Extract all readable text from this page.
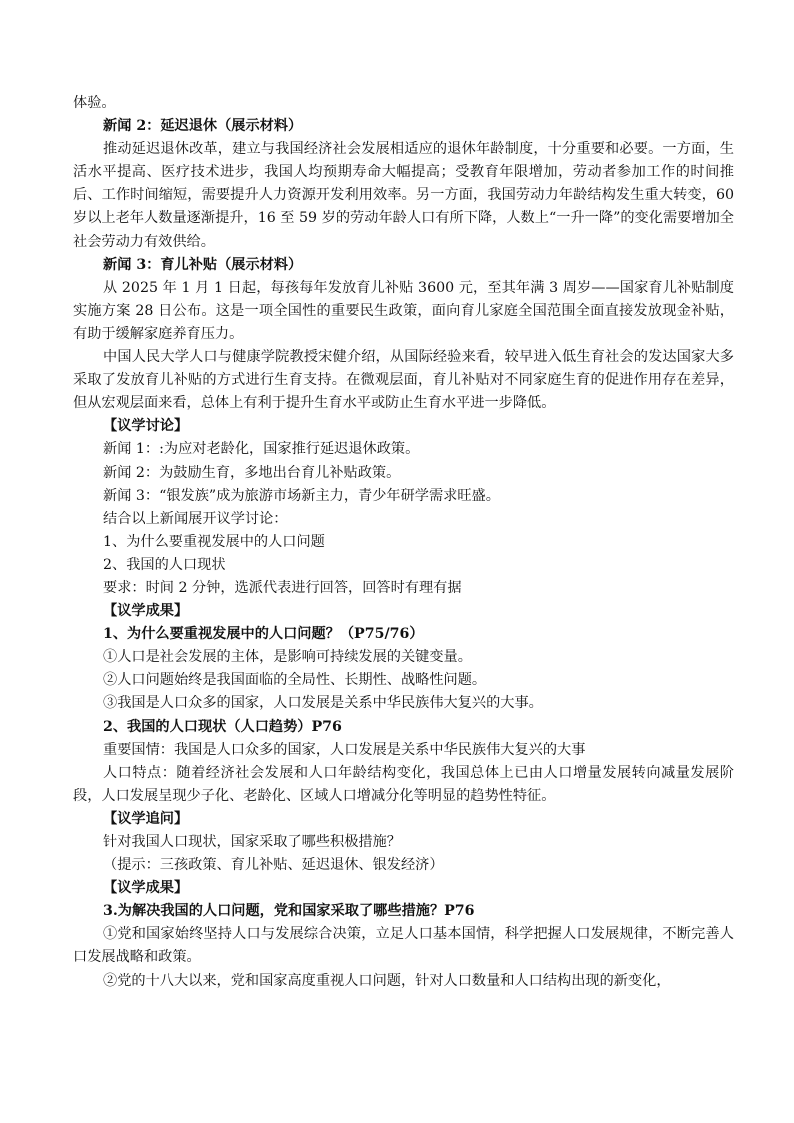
体验。

新闻 2：延迟退休（展示材料）

推动延迟退休改革，建立与我国经济社会发展相适应的退休年龄制度，十分重要和必要。一方面，生活水平提高、医疗技术进步，我国人均预期寿命大幅提高；受教育年限增加，劳动者参加工作的时间推后、工作时间缩短，需要提升人力资源开发利用效率。另一方面，我国劳动力年龄结构发生重大转变，60 岁以上老年人数量逐渐提升，16 至 59 岁的劳动年龄人口有所下降，人数上“一升一降”的变化需要增加全社会劳动力有效供给。

新闻 3：育儿补贴（展示材料）

从 2025 年 1 月 1 日起，每孩每年发放育儿补贴 3600 元，至其年满 3 周岁——国家育儿补贴制度实施方案 28 日公布。这是一项全国性的重要民生政策，面向育儿家庭全国范围全面直接发放现金补贴，有助于缓解家庭养育压力。

中国人民大学人口与健康学院教授宋健介绍，从国际经验来看，较早进入低生育社会的发达国家大多采取了发放育儿补贴的方式进行生育支持。在微观层面，育儿补贴对不同家庭生育的促进作用存在差异，但从宏观层面来看，总体上有利于提升生育水平或防止生育水平进一步降低。

【议学讨论】

新闻 1：:为应对老龄化，国家推行延迟退休政策。

新闻 2：为鼓励生育，多地出台育儿补贴政策。

新闻 3：“银发族”成为旅游市场新主力，青少年研学需求旺盛。

结合以上新闻展开议学讨论：

1、为什么要重视发展中的人口问题

2、我国的人口现状

要求：时间 2 分钟，选派代表进行回答，回答时有理有据

【议学成果】

1、为什么要重视发展中的人口问题？（P75/76）

①人口是社会发展的主体，是影响可持续发展的关键变量。

②人口问题始终是我国面临的全局性、长期性、战略性问题。

③我国是人口众多的国家，人口发展是关系中华民族伟大复兴的大事。

2、我国的人口现状（人口趋势）P76

重要国情：我国是人口众多的国家，人口发展是关系中华民族伟大复兴的大事

人口特点：随着经济社会发展和人口年龄结构变化，我国总体上已由人口增量发展转向减量发展阶段，人口发展呈现少子化、老龄化、区域人口增减分化等明显的趋势性特征。

【议学追问】

针对我国人口现状，国家采取了哪些积极措施？

（提示：三孩政策、育儿补贴、延迟退休、银发经济）

【议学成果】

3.为解决我国的人口问题，党和国家采取了哪些措施？P76

①党和国家始终坚持人口与发展综合决策，立足人口基本国情，科学把握人口发展规律，不断完善人口发展战略和政策。

②党的十八大以来，党和国家高度重视人口问题，针对人口数量和人口结构出现的新变化，
